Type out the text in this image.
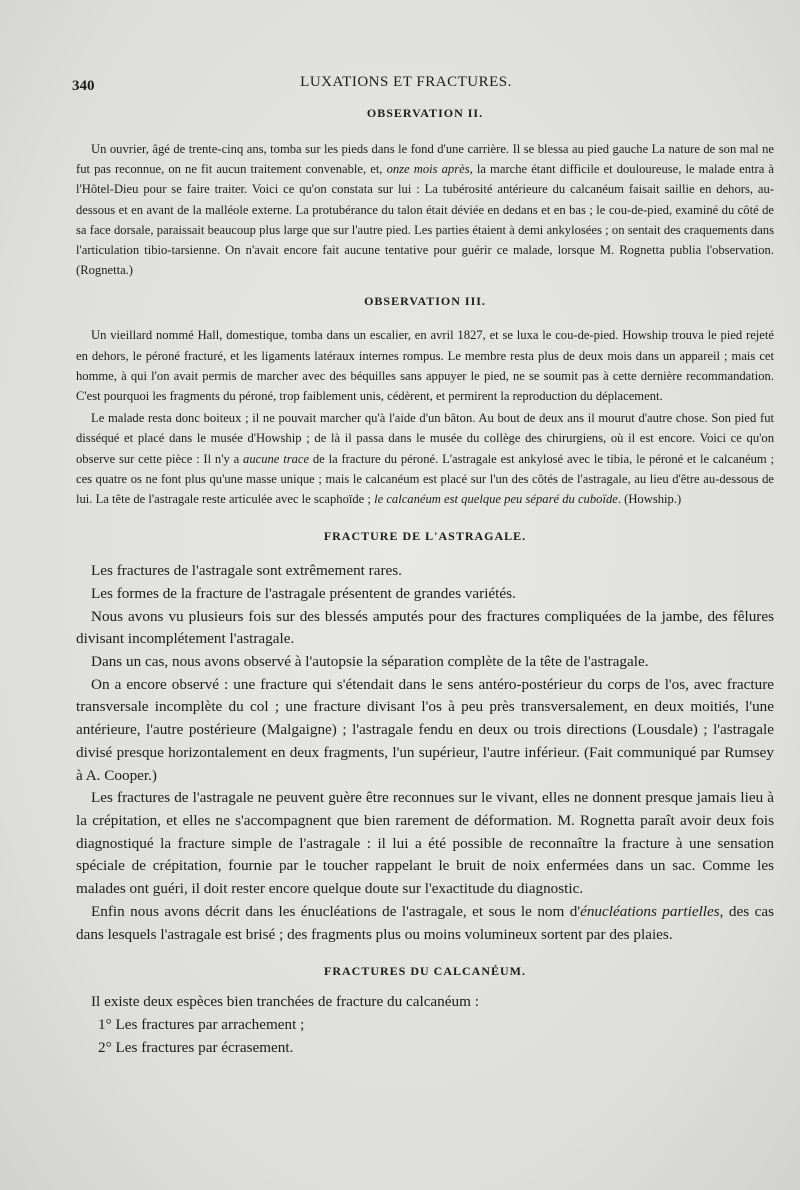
340	LUXATIONS ET FRACTURES.
OBSERVATION II.

Un ouvrier, âgé de trente-cinq ans, tomba sur les pieds dans le fond d'une carrière. Il se blessa au pied gauche La nature de son mal ne fut pas reconnue, on ne fit aucun traitement convenable, et, onze mois après, la marche étant difficile et douloureuse, le malade entra à l'Hôtel-Dieu pour se faire traiter. Voici ce qu'on constata sur lui : La tubérosité antérieure du calcanéum faisait saillie en dehors, au-dessous et en avant de la malléole externe. La protubérance du talon était déviée en dedans et en bas ; le cou-de-pied, examiné du côté de sa face dorsale, paraissait beaucoup plus large que sur l'autre pied. Les parties étaient à demi ankylosées ; on sentait des craquements dans l'articulation tibio-tarsienne. On n'avait encore fait aucune tentative pour guérir ce malade, lorsque M. Rognetta publia l'observation. (Rognetta.)

OBSERVATION III.

Un vieillard nommé Hall, domestique, tomba dans un escalier, en avril 1827, et se luxa le cou-de-pied. Howship trouva le pied rejeté en dehors, le péroné fracturé, et les ligaments latéraux internes rompus. Le membre resta plus de deux mois dans un appareil ; mais cet homme, à qui l'on avait permis de marcher avec des béquilles sans appuyer le pied, ne se soumit pas à cette dernière recommandation. C'est pourquoi les fragments du péroné, trop faiblement unis, cédèrent, et permirent la reproduction du déplacement.

Le malade resta donc boiteux ; il ne pouvait marcher qu'à l'aide d'un bâton. Au bout de deux ans il mourut d'autre chose. Son pied fut disséqué et placé dans le musée d'Howship ; de là il passa dans le musée du collège des chirurgiens, où il est encore. Voici ce qu'on observe sur cette pièce : Il n'y a aucune trace de la fracture du péroné. L'astragale est ankylosé avec le tibia, le péroné et le calcanéum ; ces quatre os ne font plus qu'une masse unique ; mais le calcanéum est placé sur l'un des côtés de l'astragale, au lieu d'être au-dessous de lui. La tête de l'astragale reste articulée avec le scaphoïde ; le calcanéum est quelque peu séparé du cuboïde. (Howship.)

FRACTURE DE L'ASTRAGALE.

Les fractures de l'astragale sont extrêmement rares.

Les formes de la fracture de l'astragale présentent de grandes variétés.

Nous avons vu plusieurs fois sur des blessés amputés pour des fractures compliquées de la jambe, des fêlures divisant incomplétement l'astragale.

Dans un cas, nous avons observé à l'autopsie la séparation complète de la tête de l'astragale.

On a encore observé : une fracture qui s'étendait dans le sens antéro-postérieur du corps de l'os, avec fracture transversale incomplète du col ; une fracture divisant l'os à peu près transversalement, en deux moitiés, l'une antérieure, l'autre postérieure (Malgaigne) ; l'astragale fendu en deux ou trois directions (Lousdale) ; l'astragale divisé presque horizontalement en deux fragments, l'un supérieur, l'autre inférieur. (Fait communiqué par Rumsey à A. Cooper.)

Les fractures de l'astragale ne peuvent guère être reconnues sur le vivant, elles ne donnent presque jamais lieu à la crépitation, et elles ne s'accompagnent que bien rarement de déformation. M. Rognetta paraît avoir deux fois diagnostiqué la fracture simple de l'astragale : il lui a été possible de reconnaître la fracture à une sensation spéciale de crépitation, fournie par le toucher rappelant le bruit de noix enfermées dans un sac. Comme les malades ont guéri, il doit rester encore quelque doute sur l'exactitude du diagnostic.

Enfin nous avons décrit dans les énucléations de l'astragale, et sous le nom d'énucléations partielles, des cas dans lesquels l'astragale est brisé ; des fragments plus ou moins volumineux sortent par des plaies.

FRACTURES DU CALCANÉUM.

Il existe deux espèces bien tranchées de fracture du calcanéum :

1° Les fractures par arrachement ;

2° Les fractures par écrasement.
